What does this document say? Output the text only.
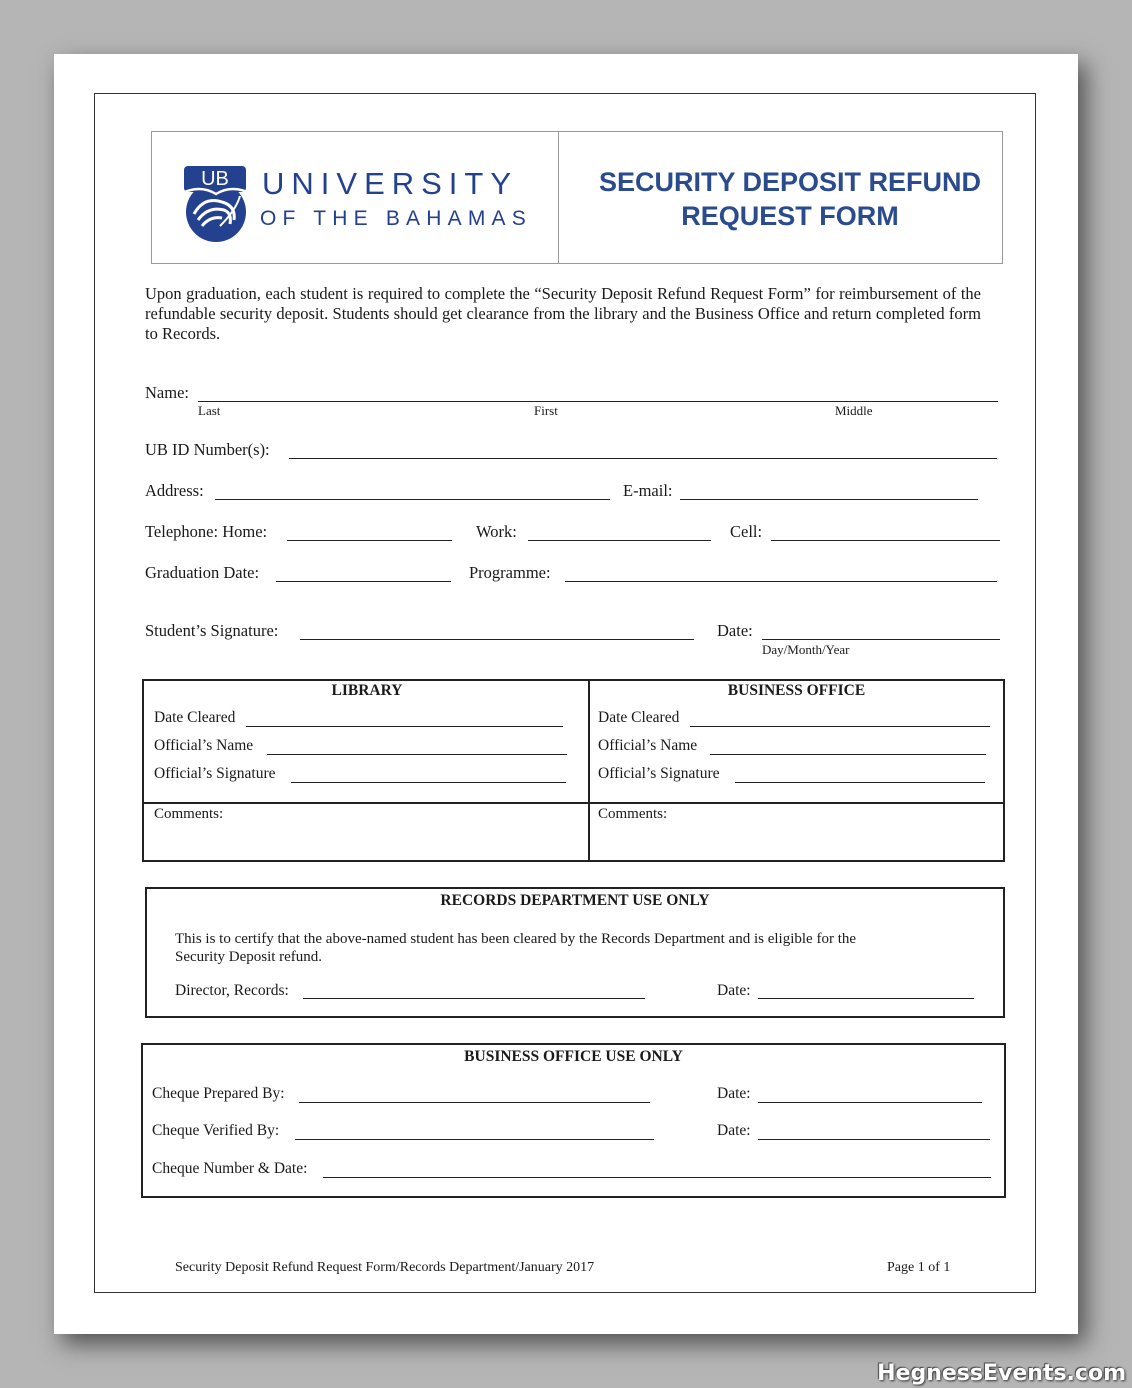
UB	UNIVERSITY
OF THE BAHAMAS
SECURITY DEPOSIT REFUND
REQUEST FORM
Upon graduation, each student is required to complete the “Security Deposit Refund Request Form” for reimbursement of the refundable security deposit. Students should get clearance from the library and the Business Office and return completed form to Records.
Name:
Last	First	Middle
UB ID Number(s):
Address:	E-mail:
Telephone: Home:	Work:	Cell:
Graduation Date:	Programme:
Student’s Signature:	Date:
Day/Month/Year
LIBRARY
Date Cleared
Official’s Name
Official’s Signature
Comments:
BUSINESS OFFICE
Date Cleared
Official’s Name
Official’s Signature
Comments:
RECORDS DEPARTMENT USE ONLY
This is to certify that the above-named student has been cleared by the Records Department and is eligible for the
Security Deposit refund.
Director, Records:	Date:
BUSINESS OFFICE USE ONLY
Cheque Prepared By:	Date:
Cheque Verified By:	Date:
Cheque Number & Date:
Security Deposit Refund Request Form/Records Department/January 2017	Page 1 of 1
HegnessEvents.com
